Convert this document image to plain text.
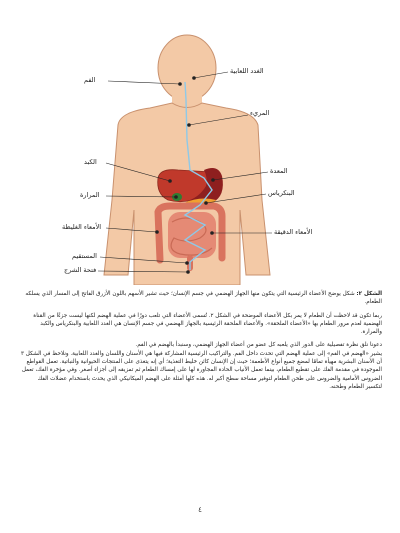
الفم
الغدد اللعابية
المريء
الكبد
المعدة
المرارة	البنكرياس
الأمعاء الغليظة
الأمعاء الدقيقة
المستقيم
فتحة الشرج

الشكل ٢: شكل يوضح الأعضاء الرئيسية التي يتكون منها الجهاز الهضمي في جسم الإنسان؛ حيث تشير الأسهم باللون الأزرق الفاتح إلى المسار الذي يسلكه الطعام.

ربما تكون قد لاحظت أن الطعام لا يمر بكل الأعضاء الموضحة في الشكل ٢. تُسمى الأعضاء التي تلعب دورًا في عملية الهضم لكنها ليست جزءًا من القناة الهضمية لعدم مرور الطعام بها «الأعضاء الملحقة». والأعضاء الملحقة الرئيسية بالجهاز الهضمي في جسم الإنسان هي الغدد اللعابية والبنكرياس والكبد والمرارة.

دعونا نلق نظرة تفصيلية على الدور الذي يلعبه كل عضو من أعضاء الجهاز الهضمي، وسنبدأ بالهضم في الفم.

يشير «الهضم في الفم» إلى عملية الهضم التي تحدث داخل الفم. والتراكيب الرئيسية المشاركة فيها هي الأسنان واللسان والغدد اللعابية. ونلاحظ في الشكل ٣ أن الأسنان البشرية مهيأة تمامًا لمضغ جميع أنواع الأطعمة؛ حيث إن الإنسان كائن خليط التغذية؛ أي إنه يتغذى على المنتجات الحيوانية والنباتية. تعمل القواطع الموجودة في مقدمة الفك على تقطيع الطعام، بينما تعمل الأنياب الحادة المجاورة لها على إمساك الطعام ثم تمزيقه إلى أجزاء أصغر. وفي مؤخرة الفك، تعمل الضروس الأمامية والضروس على طحن الطعام لتوفير مساحة سطح أكبر له. هذه كلها أمثلة على الهضم الميكانيكي الذي يحدث باستخدام عضلات الفك لتكسير الطعام وطحنه.

٤
